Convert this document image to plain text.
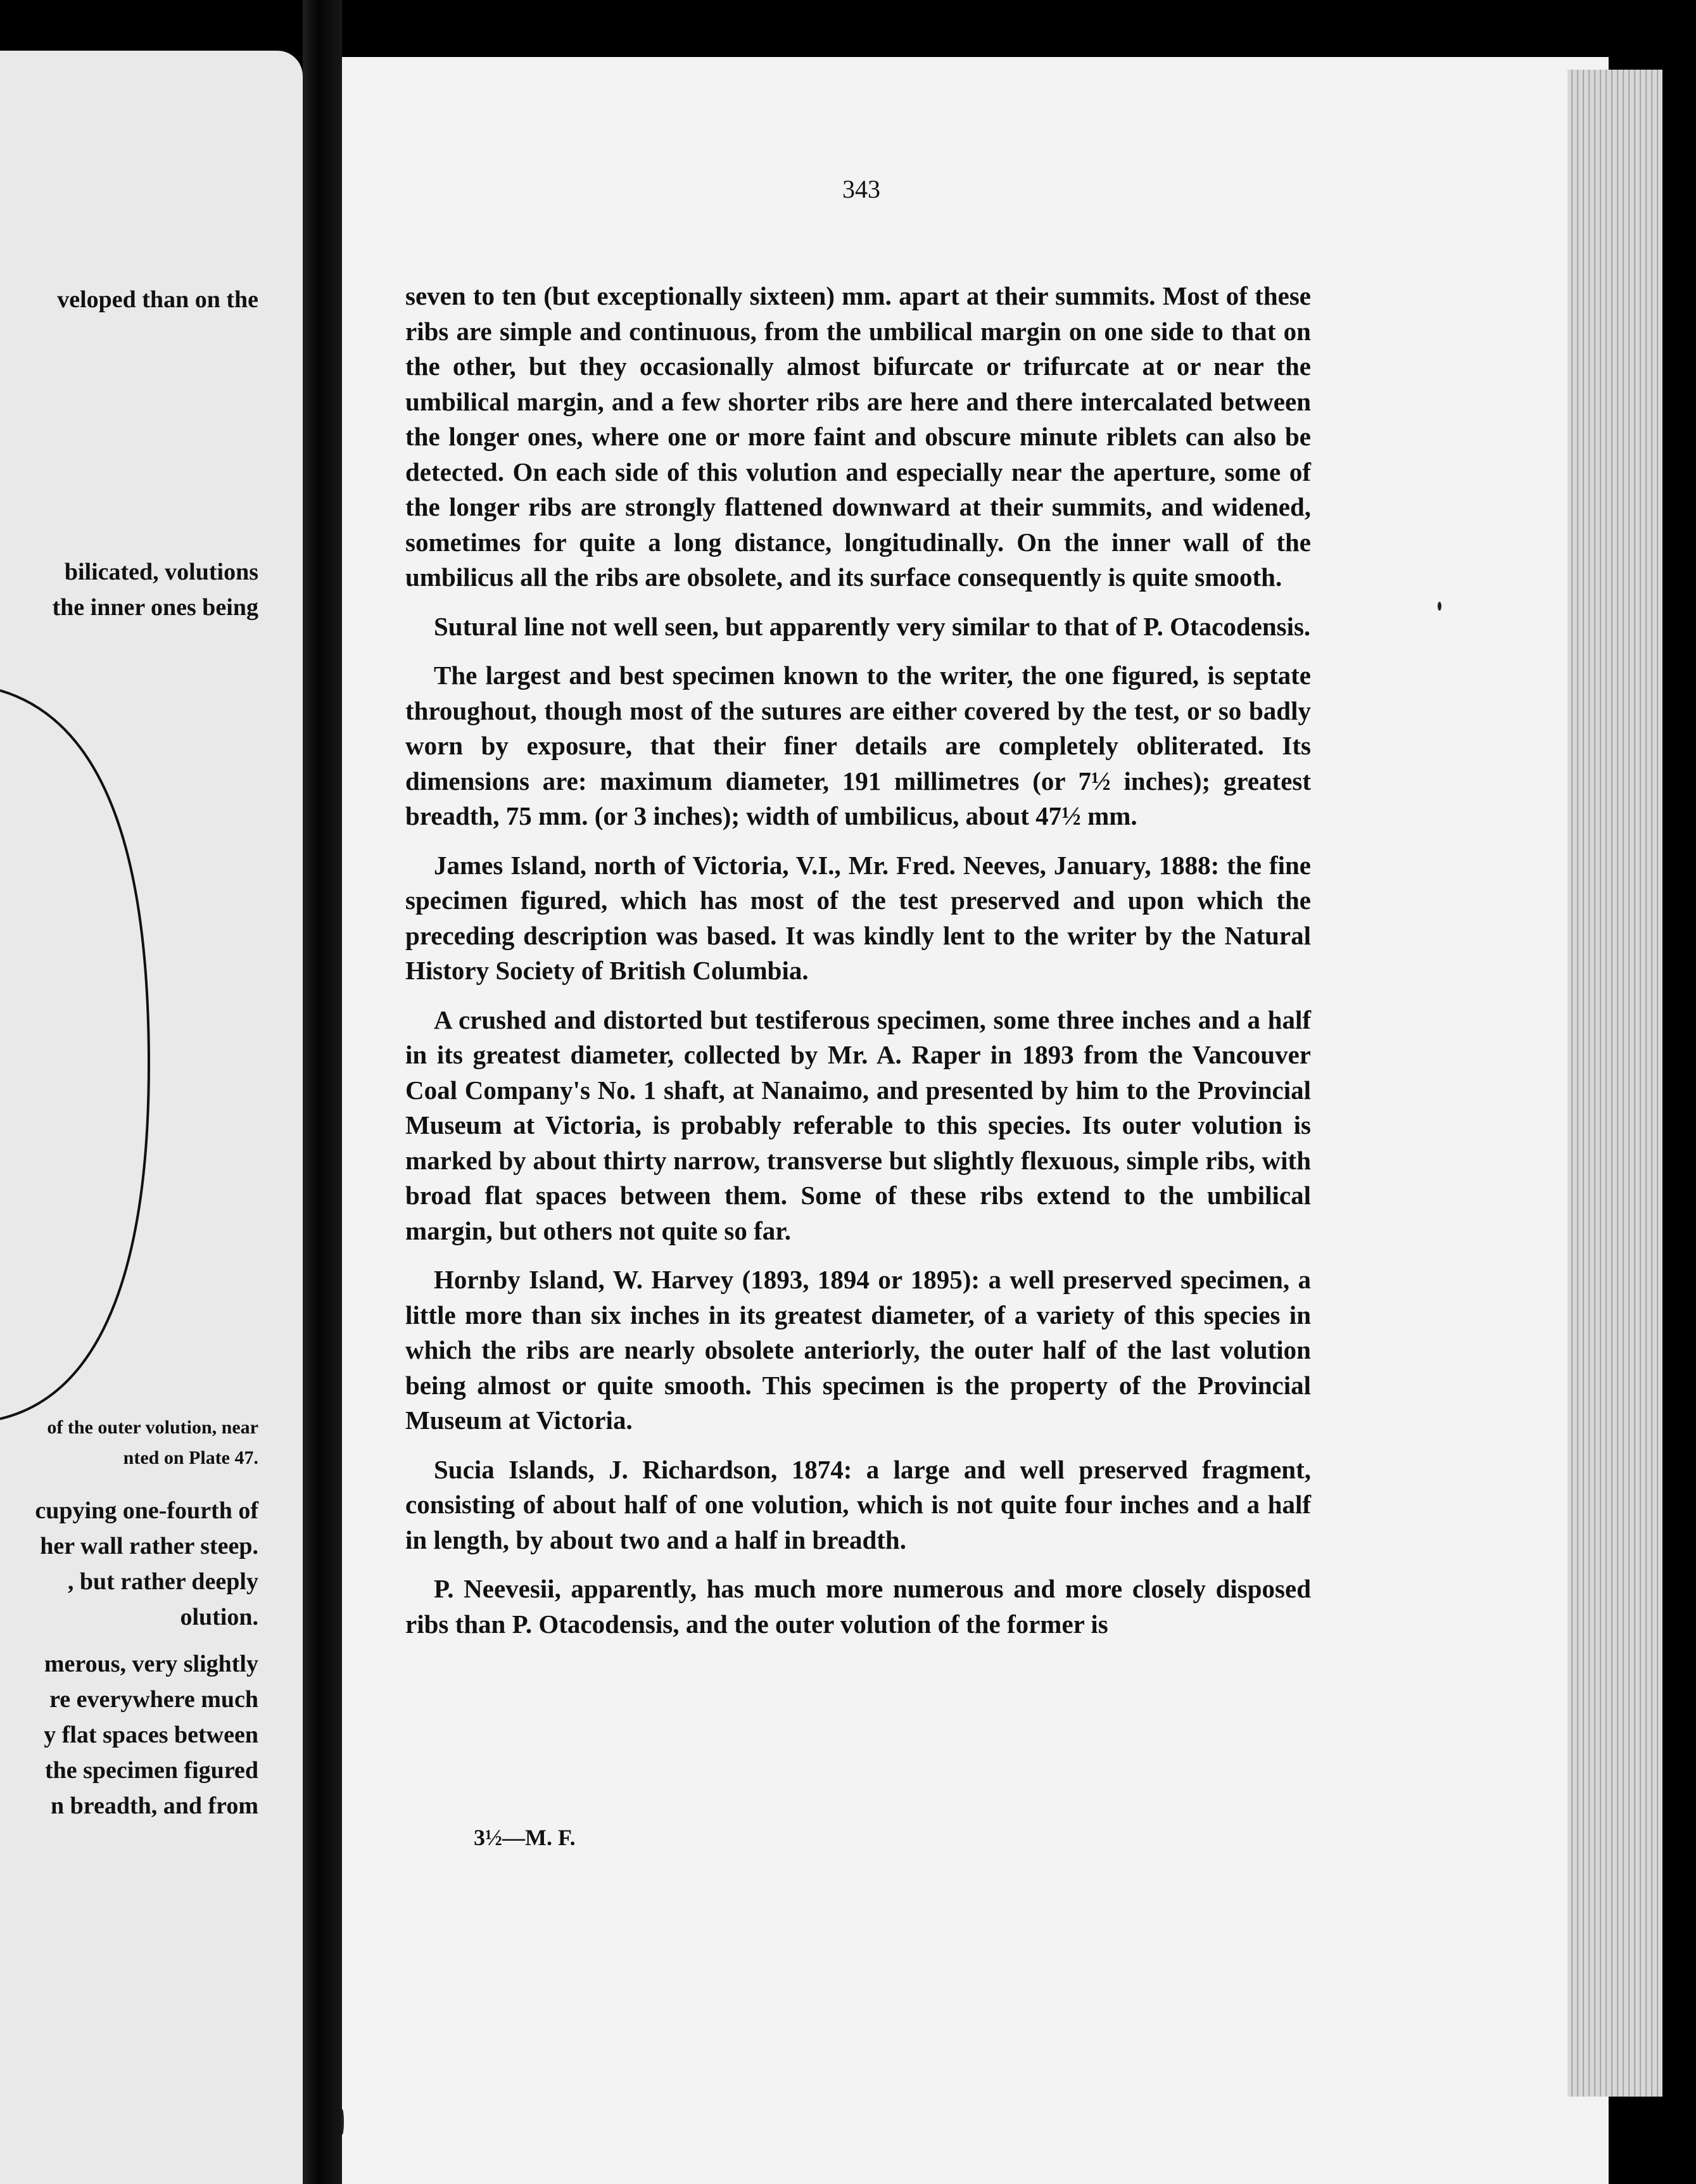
veloped than on the

bilicated, volutions

the inner ones being

of the outer volution, near

nted on Plate 47.

cupying one-fourth of

her wall rather steep.

, but rather deeply

olution.

merous, very slightly

re everywhere much

y flat spaces between

the specimen figured

n breadth, and from

343

seven to ten (but exceptionally sixteen) mm. apart at their summits. Most of these ribs are simple and continuous, from the umbilical margin on one side to that on the other, but they occasionally almost bifurcate or trifurcate at or near the umbilical margin, and a few shorter ribs are here and there intercalated between the longer ones, where one or more faint and obscure minute riblets can also be detected. On each side of this volution and especially near the aperture, some of the longer ribs are strongly flattened downward at their summits, and widened, sometimes for quite a long distance, longitudinally. On the inner wall of the umbilicus all the ribs are obsolete, and its surface consequently is quite smooth.

Sutural line not well seen, but apparently very similar to that of P. Otacodensis.

The largest and best specimen known to the writer, the one figured, is septate throughout, though most of the sutures are either covered by the test, or so badly worn by exposure, that their finer details are completely obliterated. Its dimensions are: maximum diameter, 191 millimetres (or 7½ inches); greatest breadth, 75 mm. (or 3 inches); width of umbilicus, about 47½ mm.

James Island, north of Victoria, V.I., Mr. Fred. Neeves, January, 1888: the fine specimen figured, which has most of the test preserved and upon which the preceding description was based. It was kindly lent to the writer by the Natural History Society of British Columbia.

A crushed and distorted but testiferous specimen, some three inches and a half in its greatest diameter, collected by Mr. A. Raper in 1893 from the Vancouver Coal Company's No. 1 shaft, at Nanaimo, and presented by him to the Provincial Museum at Victoria, is probably referable to this species. Its outer volution is marked by about thirty narrow, transverse but slightly flexuous, simple ribs, with broad flat spaces between them. Some of these ribs extend to the umbilical margin, but others not quite so far.

Hornby Island, W. Harvey (1893, 1894 or 1895): a well preserved specimen, a little more than six inches in its greatest diameter, of a variety of this species in which the ribs are nearly obsolete anteriorly, the outer half of the last volution being almost or quite smooth. This specimen is the property of the Provincial Museum at Victoria.

Sucia Islands, J. Richardson, 1874: a large and well preserved fragment, consisting of about half of one volution, which is not quite four inches and a half in length, by about two and a half in breadth.

P. Neevesii, apparently, has much more numerous and more closely disposed ribs than P. Otacodensis, and the outer volution of the former is

3½—M. F.
